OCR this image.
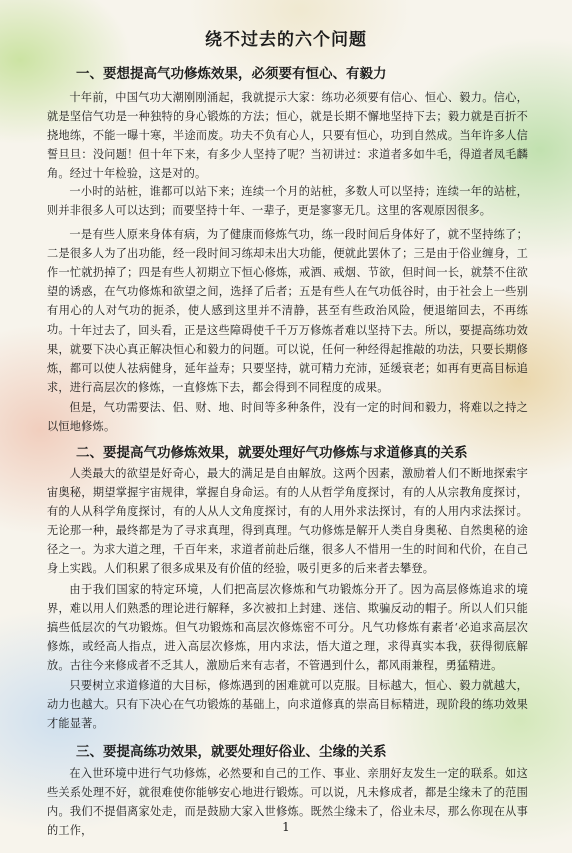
绕不过去的六个问题
一、要想提高气功修炼效果，必须要有恒心、有毅力

十年前，中国气功大潮刚刚涌起，我就提示大家：练功必须要有信心、恒心、毅力。信心，就是坚信气功是一种独特的身心锻炼的方法；恒心，就是长期不懈地坚持下去；毅力就是百折不挠地练，不能一曝十寒，半途而废。功夫不负有心人，只要有恒心，功到自然成。当年许多人信誓旦旦：没问题！但十年下来，有多少人坚持了呢？当初讲过：求道者多如牛毛，得道者凤毛麟角。经过十年检验，这是对的。

一小时的站桩，谁都可以站下来；连续一个月的站桩，多数人可以坚持；连续一年的站桩，则并非很多人可以达到；而要坚持十年、一辈子，更是寥寥无几。这里的客观原因很多。

一是有些人原来身体有病，为了健康而修炼气功，练一段时间后身体好了，就不坚持练了；二是很多人为了出功能，经一段时间习练却未出大功能，便就此罢休了；三是由于俗业缠身，工作一忙就扔掉了；四是有些人初期立下恒心修炼，戒酒、戒烟、节欲，但时间一长，就禁不住欲望的诱惑，在气功修炼和欲望之间，选择了后者；五是有些人在气功低谷时，由于社会上一些别有用心的人对气功的扼杀，使人感到这里并不清静，甚至有些政治风险，便退缩回去，不再练功。 十年过去了，回头看，正是这些障碍使千千万万修炼者难以坚持下去。所以，要提高练功效果，就要下决心真正解决恒心和毅力的问题。可以说，任何一种经得起推敲的功法，只要长期修炼，都可以使人祛病健身，延年益寿；只要坚持，就可精力充沛，延缓衰老；如再有更高目标追求，进行高层次的修炼，一直修炼下去，都会得到不同程度的成果。

但是，气功需要法、侣、财、地、时间等多种条件，没有一定的时间和毅力，将难以之持之以恒地修炼。

二、要提高气功修炼效果，就要处理好气功修炼与求道修真的关系

人类最大的欲望是好奇心，最大的满足是自由解放。这两个因素，激励着人们不断地探索宇宙奥秘，期望掌握宇宙规律，掌握自身命运。有的人从哲学角度探讨，有的人从宗教角度探讨，有的人从科学角度探讨，有的人从人文角度探讨，有的人用外求法探讨，有的人用内求法探讨。无论那一种，最终都是为了寻求真理，得到真理。气功修炼是解开人类自身奥秘、自然奥秘的途径之一。为求大道之理，千百年来，求道者前赴后继，很多人不惜用一生的时间和代价，在自己身上实践。人们积累了很多成果及有价值的经验，吸引更多的后来者去攀登。

由于我们国家的特定环境，人们把高层次修炼和气功锻炼分开了。因为高层修炼追求的境界，难以用人们熟悉的理论进行解释，多次被扣上封建、迷信、欺骗反动的帽子。所以人们只能搞些低层次的气功锻炼。但气功锻炼和高层次修炼密不可分。凡气功修炼有素者‘必追求高层次修炼，或经高人指点，进入高层次修炼，用内求法，悟大道之理，求得真实本我，获得彻底解放。古往今来修成者不乏其人，激励后来有志者，不管遇到什么，都风雨兼程，勇猛精进。

只要树立求道修道的大目标，修炼遇到的困难就可以克服。目标越大，恒心、毅力就越大，动力也越大。只有下决心在气功锻炼的基础上，向求道修真的崇高目标精进，现阶段的练功效果才能显著。

三、要提高练功效果，就要处理好俗业、尘缘的关系

在入世环境中进行气功修炼，必然要和自己的工作、事业、亲朋好友发生一定的联系。如这些关系处理不好，就很难使你能够安心地进行锻炼。可以说，凡未修成者，都是尘缘未了的范围内。我们不提倡离家处走，而是鼓励大家入世修炼。既然尘缘未了，俗业未尽，那么你现在从事的工作，	1
